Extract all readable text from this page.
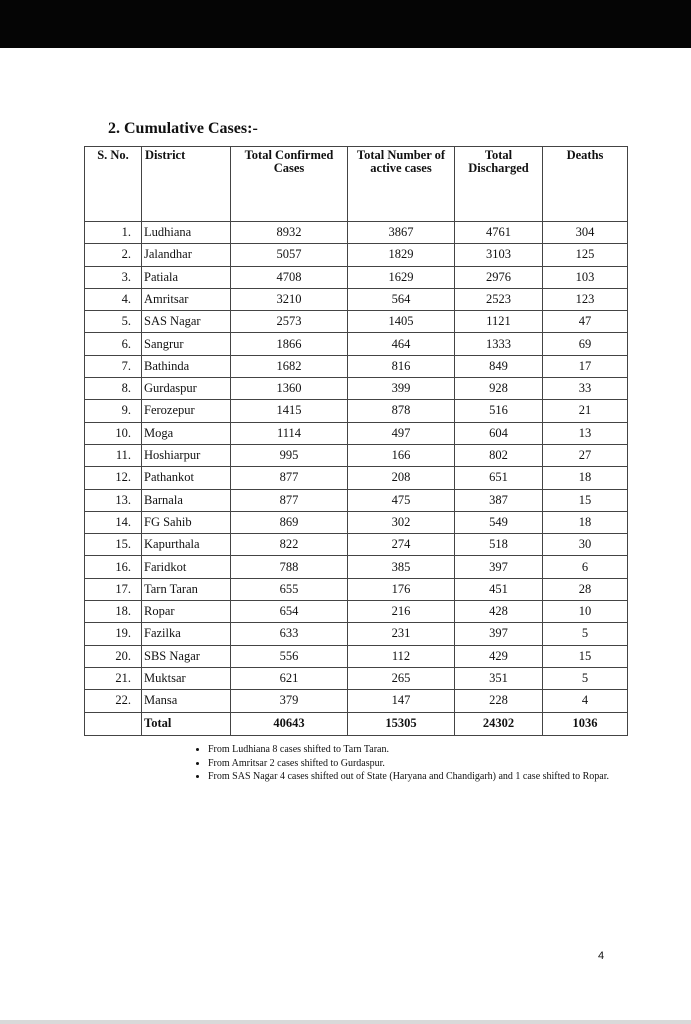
2. Cumulative Cases:-
S. No.	District	Total Confirmed Cases	Total Number of active cases	Total Discharged	Deaths
1.	Ludhiana	8932	3867	4761	304
2.	Jalandhar	5057	1829	3103	125
3.	Patiala	4708	1629	2976	103
4.	Amritsar	3210	564	2523	123
5.	SAS Nagar	2573	1405	1121	47
6.	Sangrur	1866	464	1333	69
7.	Bathinda	1682	816	849	17
8.	Gurdaspur	1360	399	928	33
9.	Ferozepur	1415	878	516	21
10.	Moga	1114	497	604	13
11.	Hoshiarpur	995	166	802	27
12.	Pathankot	877	208	651	18
13.	Barnala	877	475	387	15
14.	FG Sahib	869	302	549	18
15.	Kapurthala	822	274	518	30
16.	Faridkot	788	385	397	6
17.	Tarn Taran	655	176	451	28
18.	Ropar	654	216	428	10
19.	Fazilka	633	231	397	5
20.	SBS Nagar	556	112	429	15
21.	Muktsar	621	265	351	5
22.	Mansa	379	147	228	4
	Total	40643	15305	24302	1036
• From Ludhiana 8 cases shifted to Tarn Taran.
• From Amritsar 2 cases shifted to Gurdaspur.
• From SAS Nagar 4 cases shifted out of State (Haryana and Chandigarh) and 1 case shifted to Ropar.
4
